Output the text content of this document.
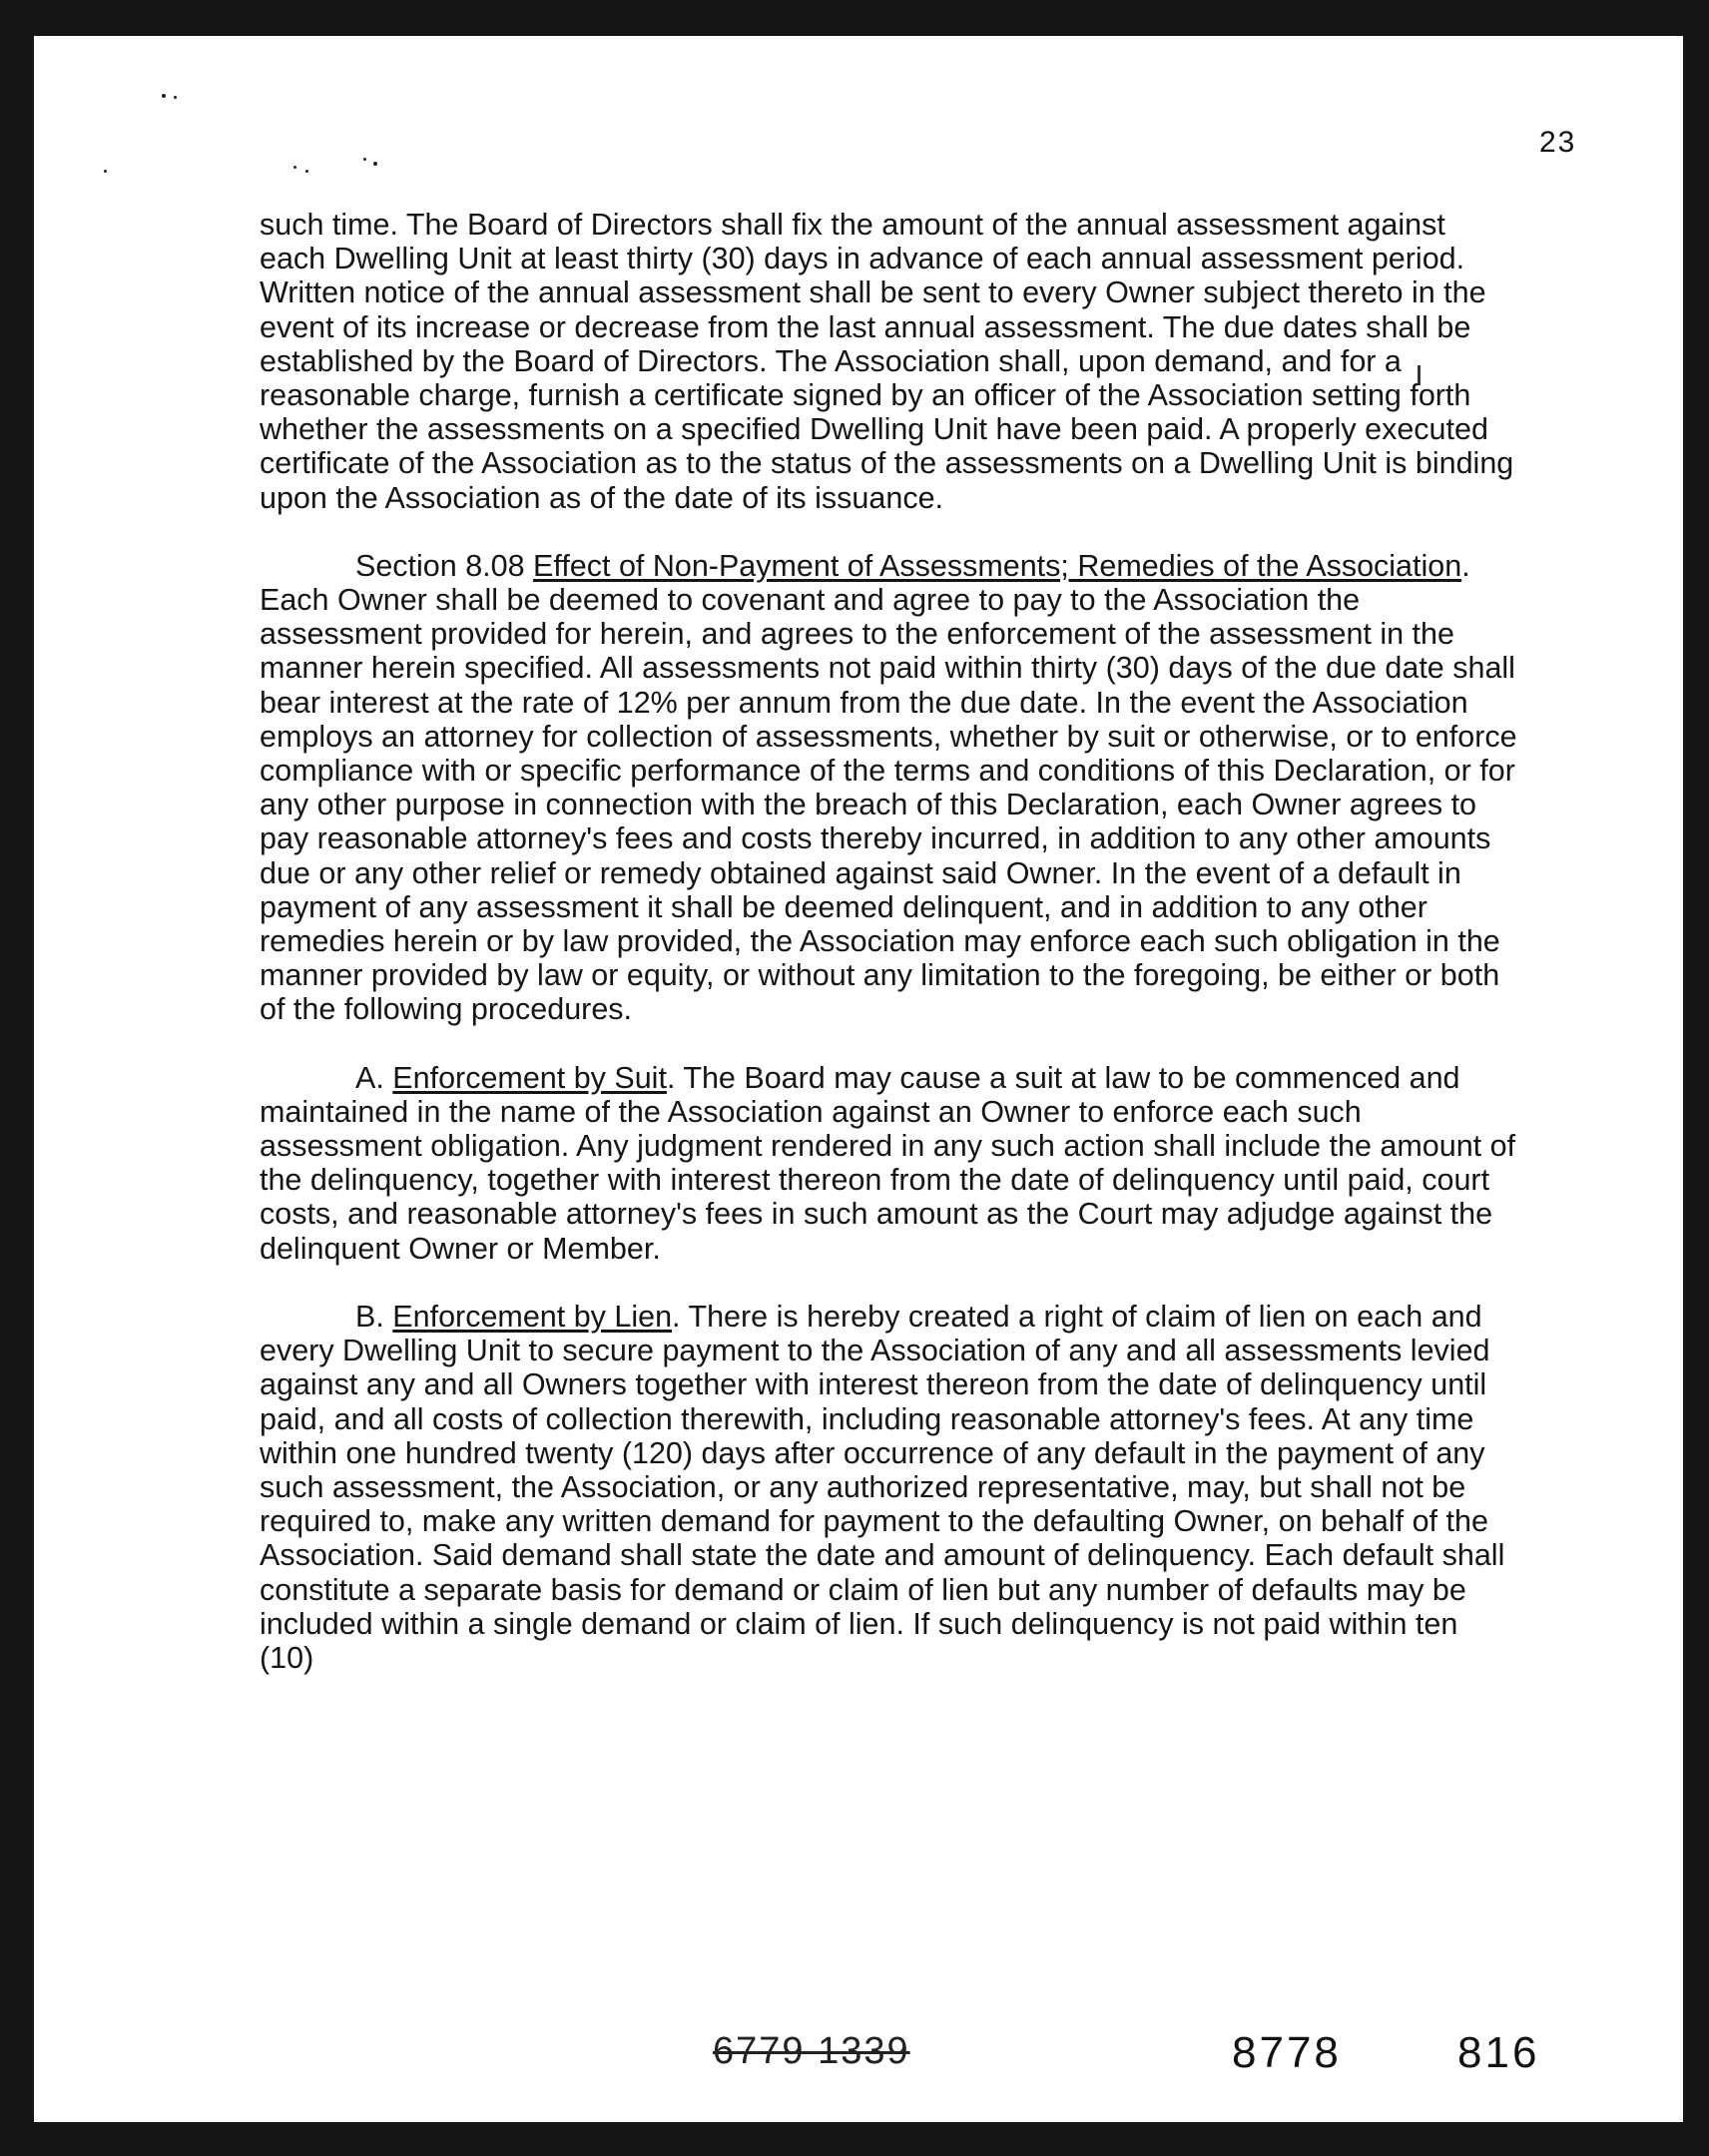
23

such time. The Board of Directors shall fix the amount of the annual assessment against each Dwelling Unit at least thirty (30) days in advance of each annual assessment period. Written notice of the annual assessment shall be sent to every Owner subject thereto in the event of its increase or decrease from the last annual assessment. The due dates shall be established by the Board of Directors. The Association shall, upon demand, and for a reasonable charge, furnish a certificate signed by an officer of the Association setting forth whether the assessments on a specified Dwelling Unit have been paid. A properly executed certificate of the Association as to the status of the assessments on a Dwelling Unit is binding upon the Association as of the date of its issuance.

Section 8.08 Effect of Non-Payment of Assessments; Remedies of the Association. Each Owner shall be deemed to covenant and agree to pay to the Association the assessment provided for herein, and agrees to the enforcement of the assessment in the manner herein specified. All assessments not paid within thirty (30) days of the due date shall bear interest at the rate of 12% per annum from the due date. In the event the Association employs an attorney for collection of assessments, whether by suit or otherwise, or to enforce compliance with or specific performance of the terms and conditions of this Declaration, or for any other purpose in connection with the breach of this Declaration, each Owner agrees to pay reasonable attorney's fees and costs thereby incurred, in addition to any other amounts due or any other relief or remedy obtained against said Owner. In the event of a default in payment of any assessment it shall be deemed delinquent, and in addition to any other remedies herein or by law provided, the Association may enforce each such obligation in the manner provided by law or equity, or without any limitation to the foregoing, be either or both of the following procedures.

A. Enforcement by Suit. The Board may cause a suit at law to be commenced and maintained in the name of the Association against an Owner to enforce each such assessment obligation. Any judgment rendered in any such action shall include the amount of the delinquency, together with interest thereon from the date of delinquency until paid, court costs, and reasonable attorney's fees in such amount as the Court may adjudge against the delinquent Owner or Member.

B. Enforcement by Lien. There is hereby created a right of claim of lien on each and every Dwelling Unit to secure payment to the Association of any and all assessments levied against any and all Owners together with interest thereon from the date of delinquency until paid, and all costs of collection therewith, including reasonable attorney's fees. At any time within one hundred twenty (120) days after occurrence of any default in the payment of any such assessment, the Association, or any authorized representative, may, but shall not be required to, make any written demand for payment to the defaulting Owner, on behalf of the Association. Said demand shall state the date and amount of delinquency. Each default shall constitute a separate basis for demand or claim of lien but any number of defaults may be included within a single demand or claim of lien. If such delinquency is not paid within ten (10)

6779 1339	8778	816
